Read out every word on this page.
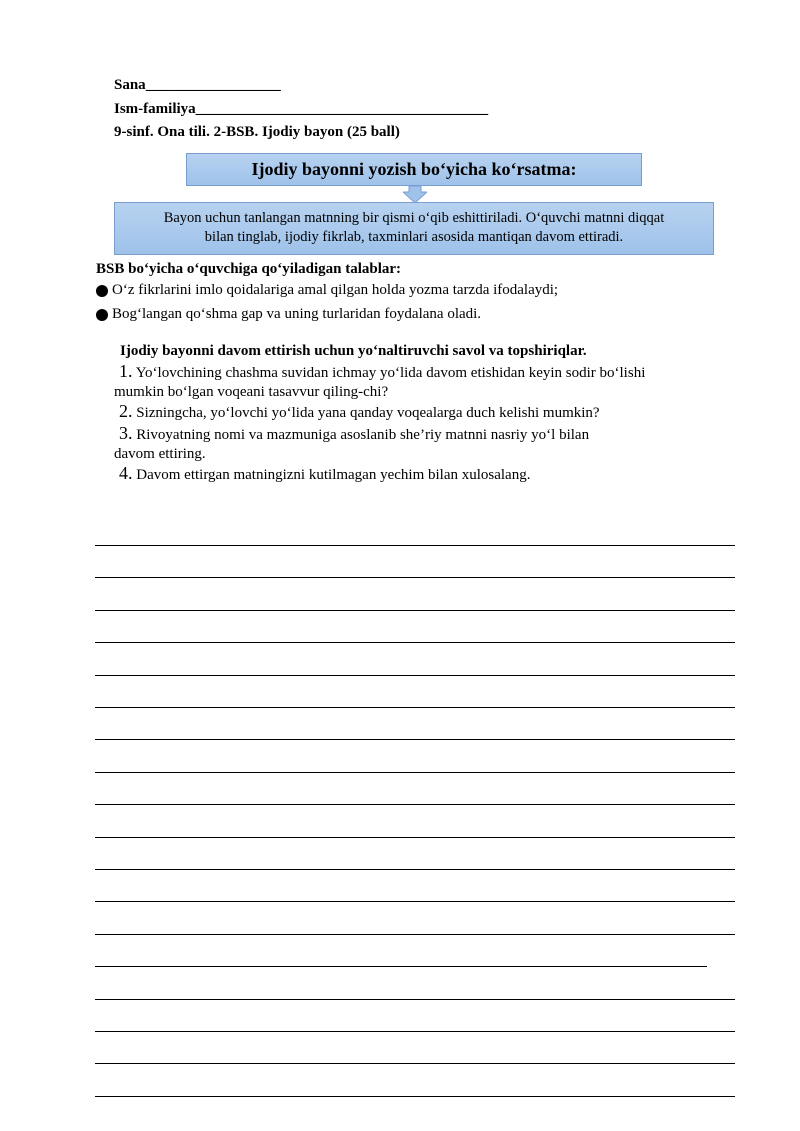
Sana__________________
Ism-familiya_______________________________________
9-sinf. Ona tili. 2-BSB. Ijodiy bayon (25 ball)
Ijodiy bayonni yozish bo‘yicha ko‘rsatma:
Bayon uchun tanlangan matnning bir qismi o‘qib eshittiriladi. O‘quvchi matnni diqqat
bilan tinglab, ijodiy fikrlab, taxminlari asosida mantiqan davom ettiradi.
BSB bo‘yicha o‘quvchiga qo‘yiladigan talablar:
O‘z fikrlarini imlo qoidalariga amal qilgan holda yozma tarzda ifodalaydi;
Bog‘langan qo‘shma gap va uning turlaridan foydalana oladi.
Ijodiy bayonni davom ettirish uchun yo‘naltiruvchi savol va topshiriqlar.
1. Yo‘lovchining chashma suvidan ichmay yo‘lida davom etishidan keyin sodir bo‘lishi
mumkin bo‘lgan voqeani tasavvur qiling-chi?
2. Sizningcha, yo‘lovchi yo‘lida yana qanday voqealarga duch kelishi mumkin?
3. Rivoyatning nomi va mazmuniga asoslanib she’riy matnni nasriy yo‘l bilan
davom ettiring.
4. Davom ettirgan matningizni kutilmagan yechim bilan xulosalang.
